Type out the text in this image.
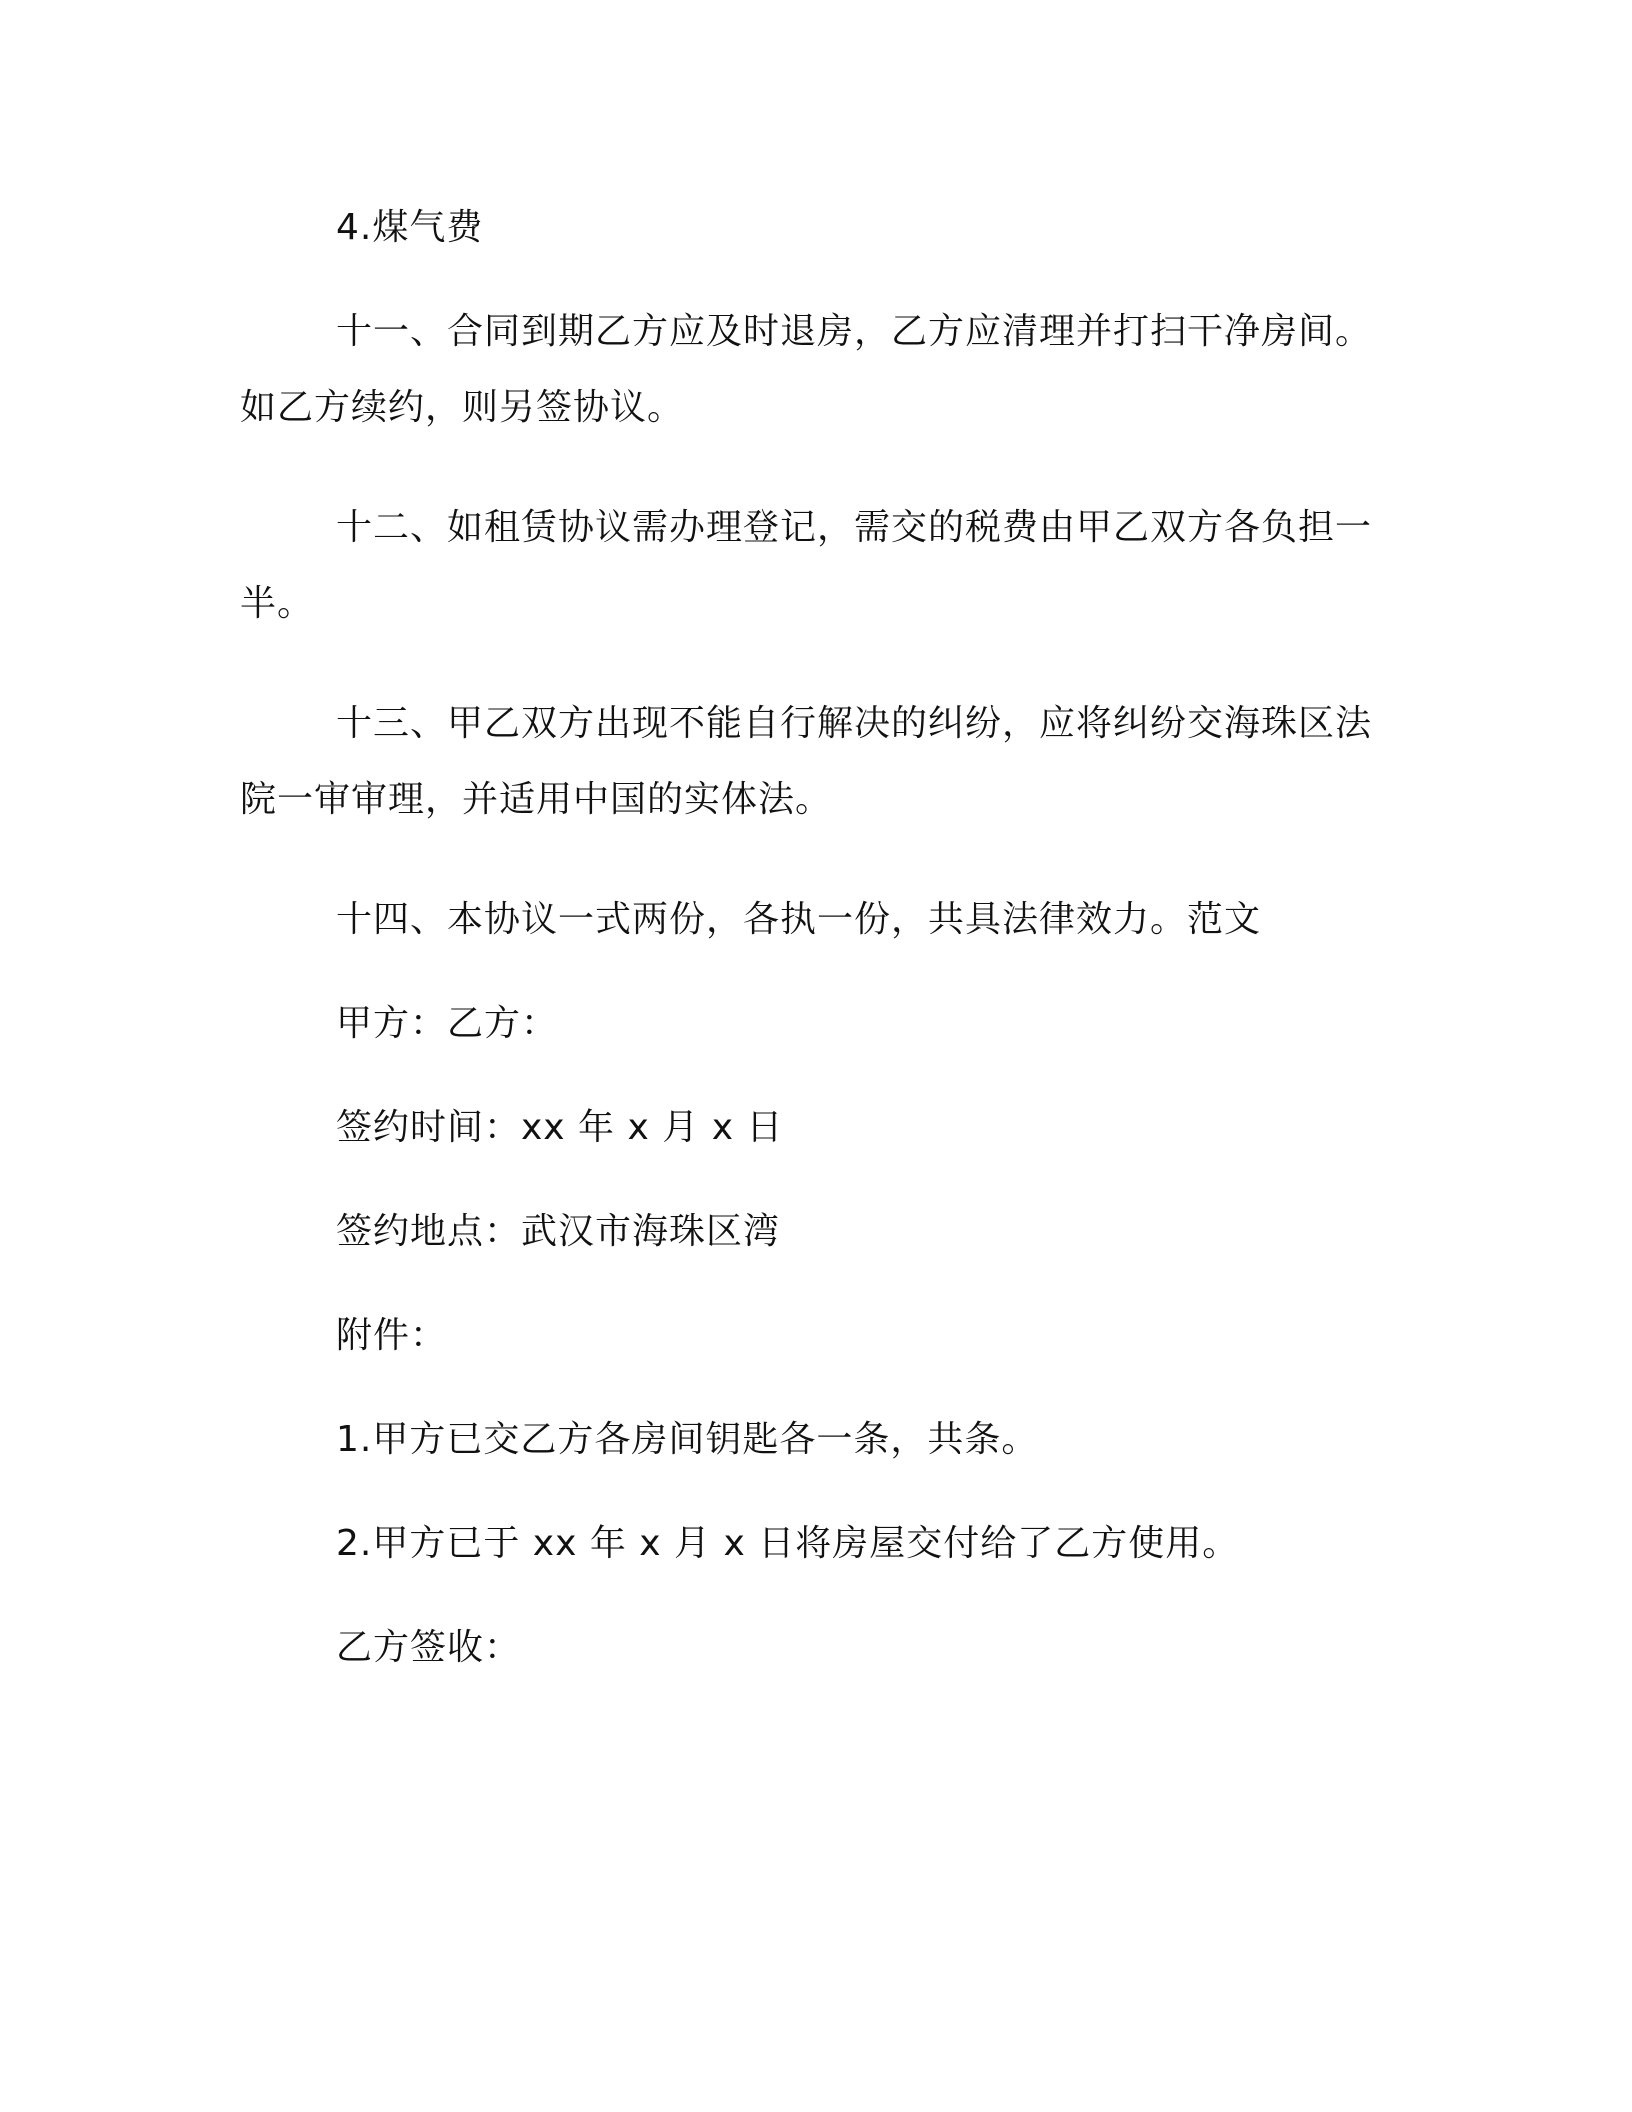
4.煤气费

十一、合同到期乙方应及时退房，乙方应清理并打扫干净房间。如乙方续约，则另签协议。

十二、如租赁协议需办理登记，需交的税费由甲乙双方各负担一半。

十三、甲乙双方出现不能自行解决的纠纷，应将纠纷交海珠区法院一审审理，并适用中国的实体法。

十四、本协议一式两份，各执一份，共具法律效力。范文

甲方：乙方：

签约时间：xx 年 x 月 x 日

签约地点：武汉市海珠区湾

附件：

1.甲方已交乙方各房间钥匙各一条，共条。

2.甲方已于 xx 年 x 月 x 日将房屋交付给了乙方使用。

乙方签收：
